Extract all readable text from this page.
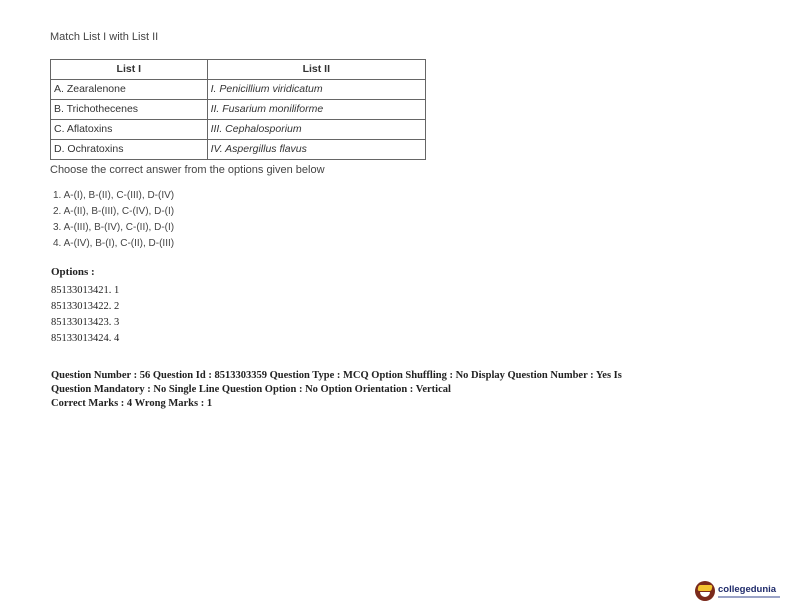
Match List I with List II
List I	List II
A. Zearalenone	I. Penicillium viridicatum
B. Trichothecenes	II. Fusarium moniliforme
C. Aflatoxins	III. Cephalosporium
D. Ochratoxins	IV. Aspergillus flavus
Choose the correct answer from the options given below
1. A-(I), B-(II), C-(III), D-(IV)
2. A-(II), B-(III), C-(IV), D-(I)
3. A-(III), B-(IV), C-(II), D-(I)
4. A-(IV), B-(I), C-(II), D-(III)
Options :
85133013421. 1
85133013422. 2
85133013423. 3
85133013424. 4
Question Number : 56 Question Id : 8513303359 Question Type : MCQ Option Shuffling : No Display Question Number : Yes Is
Question Mandatory : No Single Line Question Option : No Option Orientation : Vertical
Correct Marks : 4 Wrong Marks : 1
collegedunia
